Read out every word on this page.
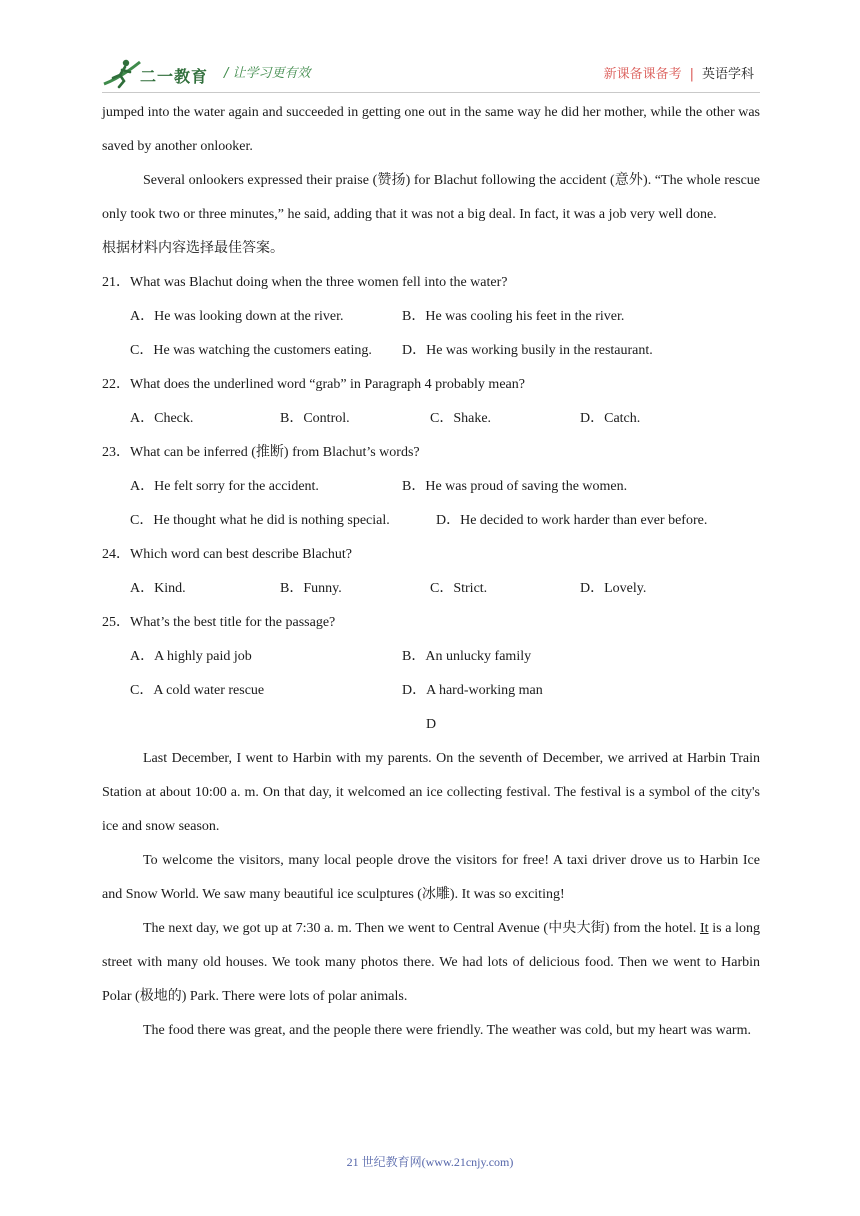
二一教育 / 让学习更有效	新课备课备考 | 英语学科

jumped into the water again and succeeded in getting one out in the same way he did her mother, while the other was saved by another onlooker.

Several onlookers expressed their praise (赞扬) for Blachut following the accident (意外). “The whole rescue only took two or three minutes,” he said, adding that it was not a big deal. In fact, it was a job very well done.

根据材料内容选择最佳答案。

21．What was Blachut doing when the three women fell into the water?

A．He was looking down at the river.	B．He was cooling his feet in the river.
C．He was watching the customers eating.	D．He was working busily in the restaurant.

22．What does the underlined word “grab” in Paragraph 4 probably mean?

A．Check.	B．Control.	C．Shake.	D．Catch.

23．What can be inferred (推断) from Blachut’s words?

A．He felt sorry for the accident.	B．He was proud of saving the women.
C．He thought what he did is nothing special.	D．He decided to work harder than ever before.

24．Which word can best describe Blachut?

A．Kind.	B．Funny.	C．Strict.	D．Lovely.

25．What’s the best title for the passage?

A．A highly paid job	B．An unlucky family
C．A cold water rescue	D．A hard-working man

D

Last December, I went to Harbin with my parents. On the seventh of December, we arrived at Harbin Train Station at about 10:00 a. m. On that day, it welcomed an ice collecting festival. The festival is a symbol of the city's ice and snow season.

To welcome the visitors, many local people drove the visitors for free! A taxi driver drove us to Harbin Ice and Snow World. We saw many beautiful ice sculptures (冰雕). It was so exciting!

The next day, we got up at 7:30 a. m. Then we went to Central Avenue (中央大街) from the hotel. It is a long street with many old houses. We took many photos there. We had lots of delicious food. Then we went to Harbin Polar (极地的) Park. There were lots of polar animals.

The food there was great, and the people there were friendly. The weather was cold, but my heart was warm.

21 世纪教育网(www.21cnjy.com)
